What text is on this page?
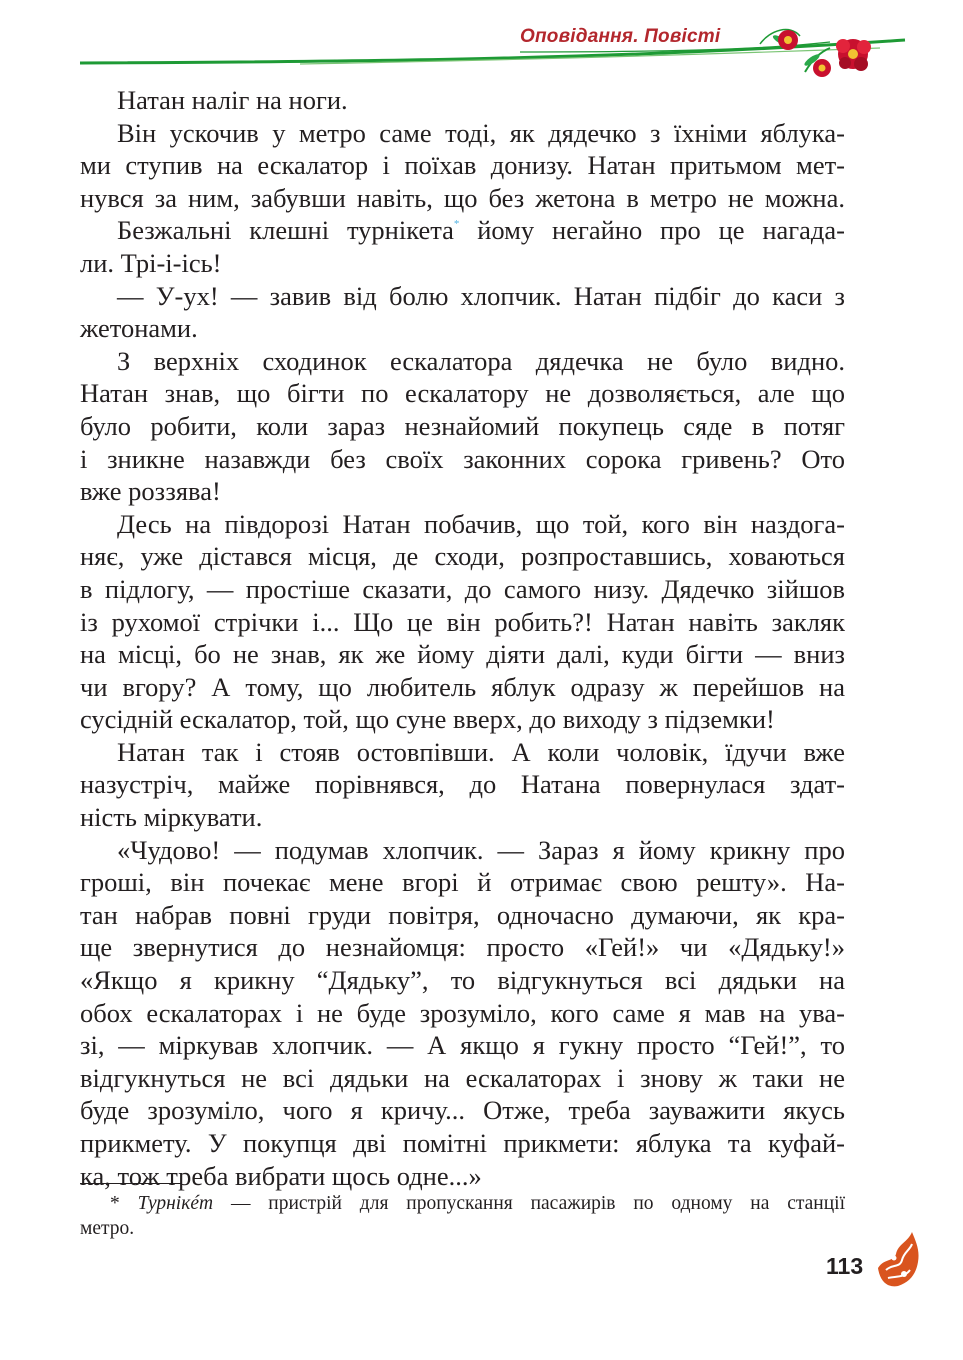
Оповідання. Повісті

Натан наліг на ноги.

Він ускочив у метро саме тоді, як дядечко з їхніми яблука-
ми ступив на ескалатор і поїхав донизу. Натан притьмом мет-
нувся за ним, забувши навіть, що без жетона в метро не можна.

Безжальні клешні турнікета* йому негайно про це нагада-
ли. Трі-і-ісь!

— У-ух! — завив від болю хлопчик. Натан підбіг до каси з
жетонами.

З верхніх сходинок ескалатора дядечка не було видно.
Натан знав, що бігти по ескалатору не дозволяється, але що
було робити, коли зараз незнайомий покупець сяде в потяг
і зникне назавжди без своїх законних сорока гривень? Ото
вже роззява!

Десь на півдорозі Натан побачив, що той, кого він наздога-
няє, уже дістався місця, де сходи, розпроставшись, ховаються
в підлогу, — простіше сказати, до самого низу. Дядечко зійшов
із рухомої стрічки і... Що це він робить?! Натан навіть закляк
на місці, бо не знав, як же йому діяти далі, куди бігти — вниз
чи вгору? А тому, що любитель яблук одразу ж перейшов на
сусідній ескалатор, той, що суне вверх, до виходу з підземки!

Натан так і стояв остовпівши. А коли чоловік, їдучи вже
назустріч, майже порівнявся, до Натана повернулася здат-
ність міркувати.

«Чудово! — подумав хлопчик. — Зараз я йому крикну про
гроші, він почекає мене вгорі й отримає свою решту». На-
тан набрав повні груди повітря, одночасно думаючи, як кра-
ще звернутися до незнайомця: просто «Гей!» чи «Дядьку!»
«Якщо я крикну “Дядьку”, то відгукнуться всі дядьки на
обох ескалаторах і не буде зрозуміло, кого саме я мав на ува-
зі, — міркував хлопчик. — А якщо я гукну просто “Гей!”, то
відгукнуться не всі дядьки на ескалаторах і знову ж таки не
буде зрозуміло, чого я кричу... Отже, треба зауважити якусь
прикмету. У покупця дві помітні прикмети: яблука та куфай-
ка, тож треба вибрати щось одне...»

* Турнікéт — пристрій для пропускання пасажирів по одному на станції
метро.

113
